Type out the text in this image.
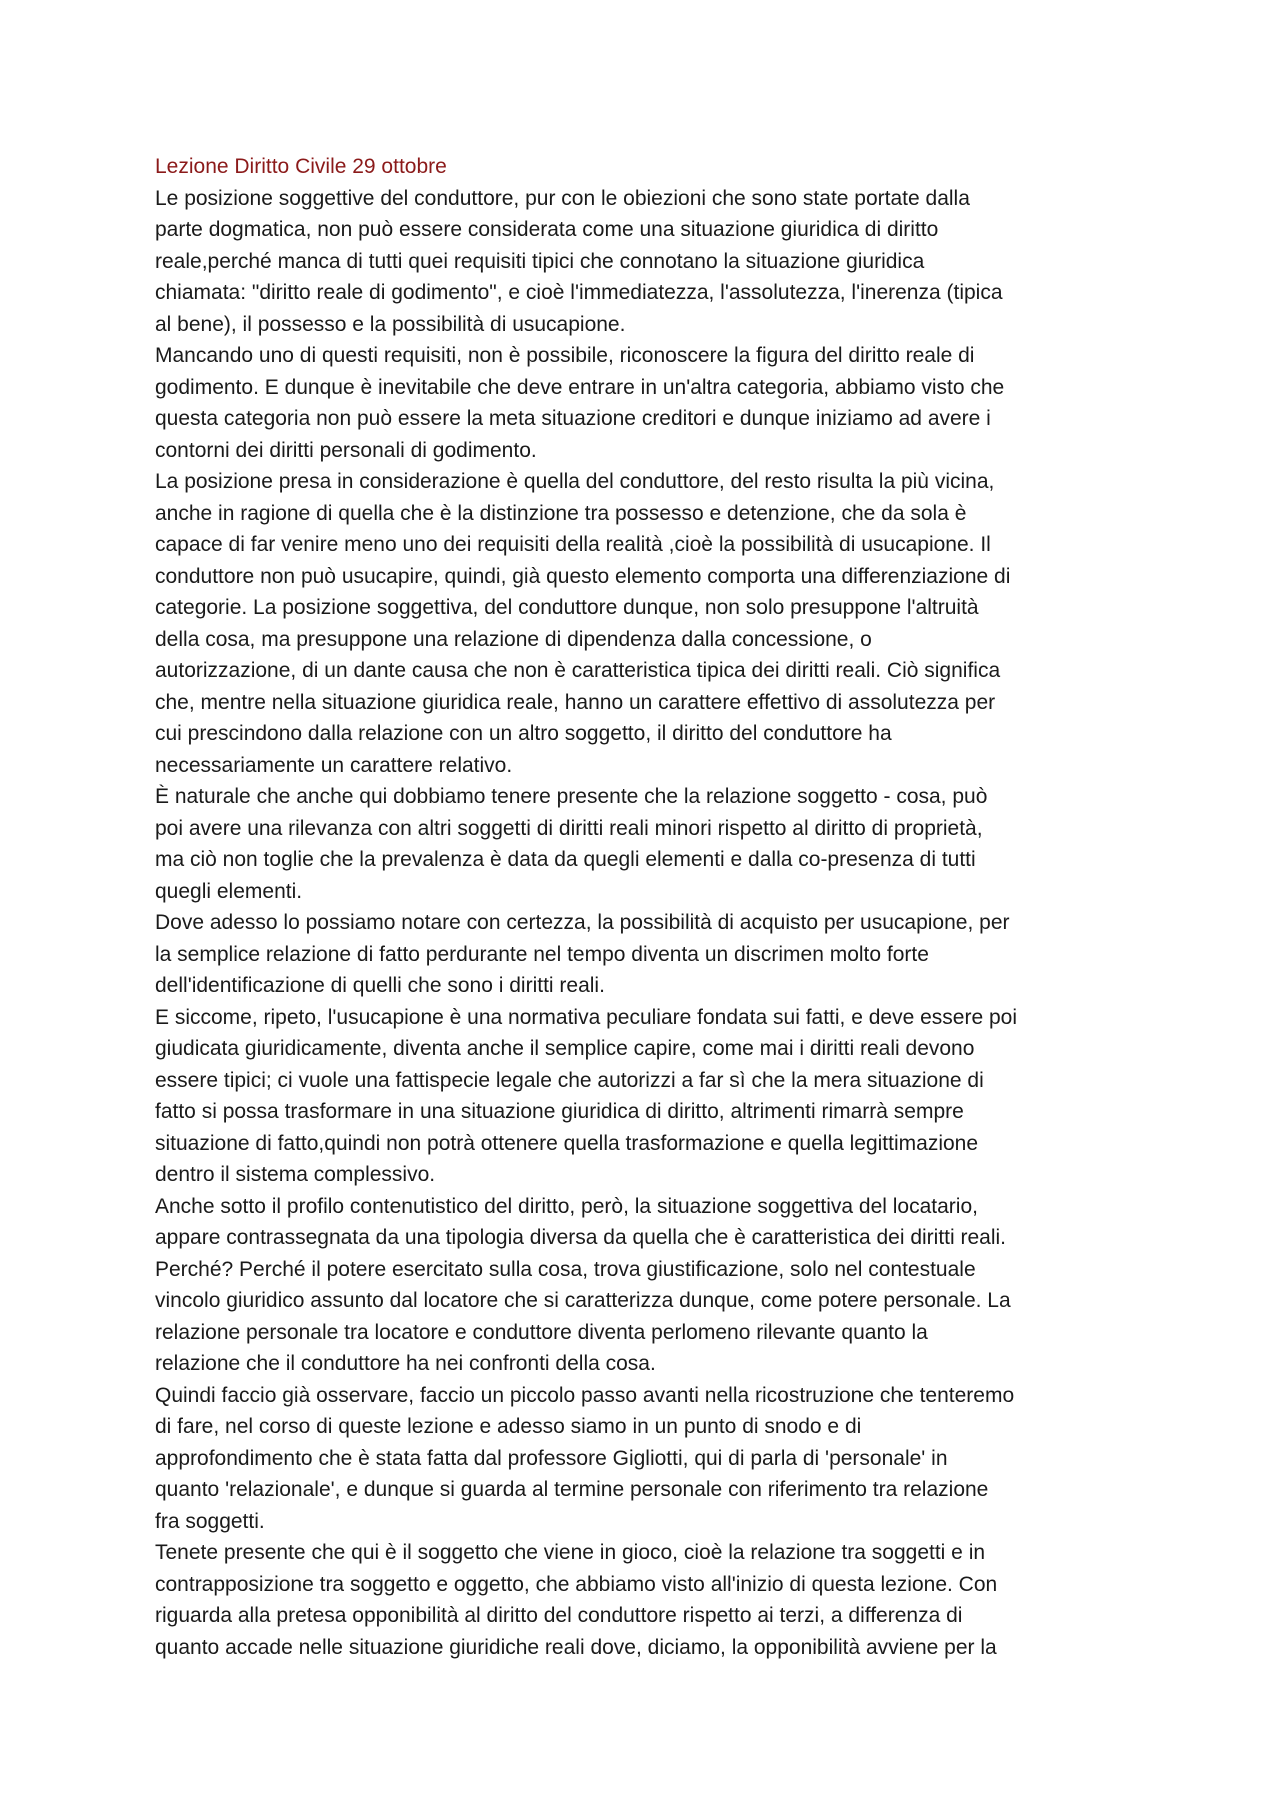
Lezione Diritto Civile 29 ottobre

Le posizione soggettive del conduttore, pur con le obiezioni che sono state portate dalla

parte dogmatica, non può essere considerata come una situazione giuridica di diritto

reale,perché manca di tutti quei requisiti tipici che connotano la situazione giuridica

chiamata: "diritto reale di godimento", e cioè l'immediatezza, l'assolutezza, l'inerenza (tipica

al bene), il possesso e la possibilità di usucapione.

Mancando uno di questi requisiti, non è possibile, riconoscere la figura del diritto reale di

godimento. E dunque è inevitabile che deve entrare in un'altra categoria, abbiamo visto che

questa categoria non può essere la meta situazione creditori e dunque iniziamo ad avere i

contorni dei diritti personali di godimento.

La posizione presa in considerazione è quella del conduttore, del resto risulta la più vicina,

anche in ragione di quella che è la distinzione tra possesso e detenzione, che da sola è

capace di far venire meno uno dei requisiti della realità ,cioè la possibilità di usucapione. Il

conduttore non può usucapire, quindi, già questo elemento comporta una differenziazione di

categorie. La posizione soggettiva, del conduttore dunque, non solo presuppone l'altruità

della cosa, ma presuppone una relazione di dipendenza dalla concessione, o

autorizzazione, di un dante causa che non è caratteristica tipica dei diritti reali. Ciò significa

che, mentre nella situazione giuridica reale, hanno un carattere effettivo di assolutezza per

cui prescindono dalla relazione con un altro soggetto, il diritto del conduttore ha

necessariamente un carattere relativo.

È naturale che anche qui dobbiamo tenere presente che la relazione soggetto - cosa, può

poi avere una rilevanza con altri soggetti di diritti reali minori rispetto al diritto di proprietà,

ma ciò non toglie che la prevalenza è data da quegli elementi e dalla co-presenza di tutti

quegli elementi.

Dove adesso lo possiamo notare con certezza, la possibilità di acquisto per usucapione, per

la semplice relazione di fatto perdurante nel tempo diventa un discrimen molto forte

dell'identificazione di quelli che sono i diritti reali.

E siccome, ripeto, l'usucapione è una normativa peculiare fondata sui fatti, e deve essere poi

giudicata giuridicamente, diventa anche il semplice capire, come mai i diritti reali devono

essere tipici; ci vuole una fattispecie legale che autorizzi a far sì che la mera situazione di

fatto si possa trasformare in una situazione giuridica di diritto, altrimenti rimarrà sempre

situazione di fatto,quindi non potrà ottenere quella trasformazione e quella legittimazione

dentro il sistema complessivo.

Anche sotto il profilo contenutistico del diritto, però, la situazione soggettiva del locatario,

appare contrassegnata da una tipologia diversa da quella che è caratteristica dei diritti reali.

Perché? Perché il potere esercitato sulla cosa, trova giustificazione, solo nel contestuale

vincolo giuridico assunto dal locatore che si caratterizza dunque, come potere personale. La

relazione personale tra locatore e conduttore diventa perlomeno rilevante quanto la

relazione che il conduttore ha nei confronti della cosa.

Quindi faccio già osservare, faccio un piccolo passo avanti nella ricostruzione che tenteremo

di fare, nel corso di queste lezione e adesso siamo in un punto di snodo e di

approfondimento che è stata fatta dal professore Gigliotti, qui di parla di 'personale' in

quanto 'relazionale', e dunque si guarda al termine personale con riferimento tra relazione

fra soggetti.

Tenete presente che qui è il soggetto che viene in gioco, cioè la relazione tra soggetti e in

contrapposizione tra soggetto e oggetto, che abbiamo visto all'inizio di questa lezione. Con

riguarda alla pretesa opponibilità al diritto del conduttore rispetto ai terzi, a differenza di

quanto accade nelle situazione giuridiche reali dove, diciamo, la opponibilità avviene per la
